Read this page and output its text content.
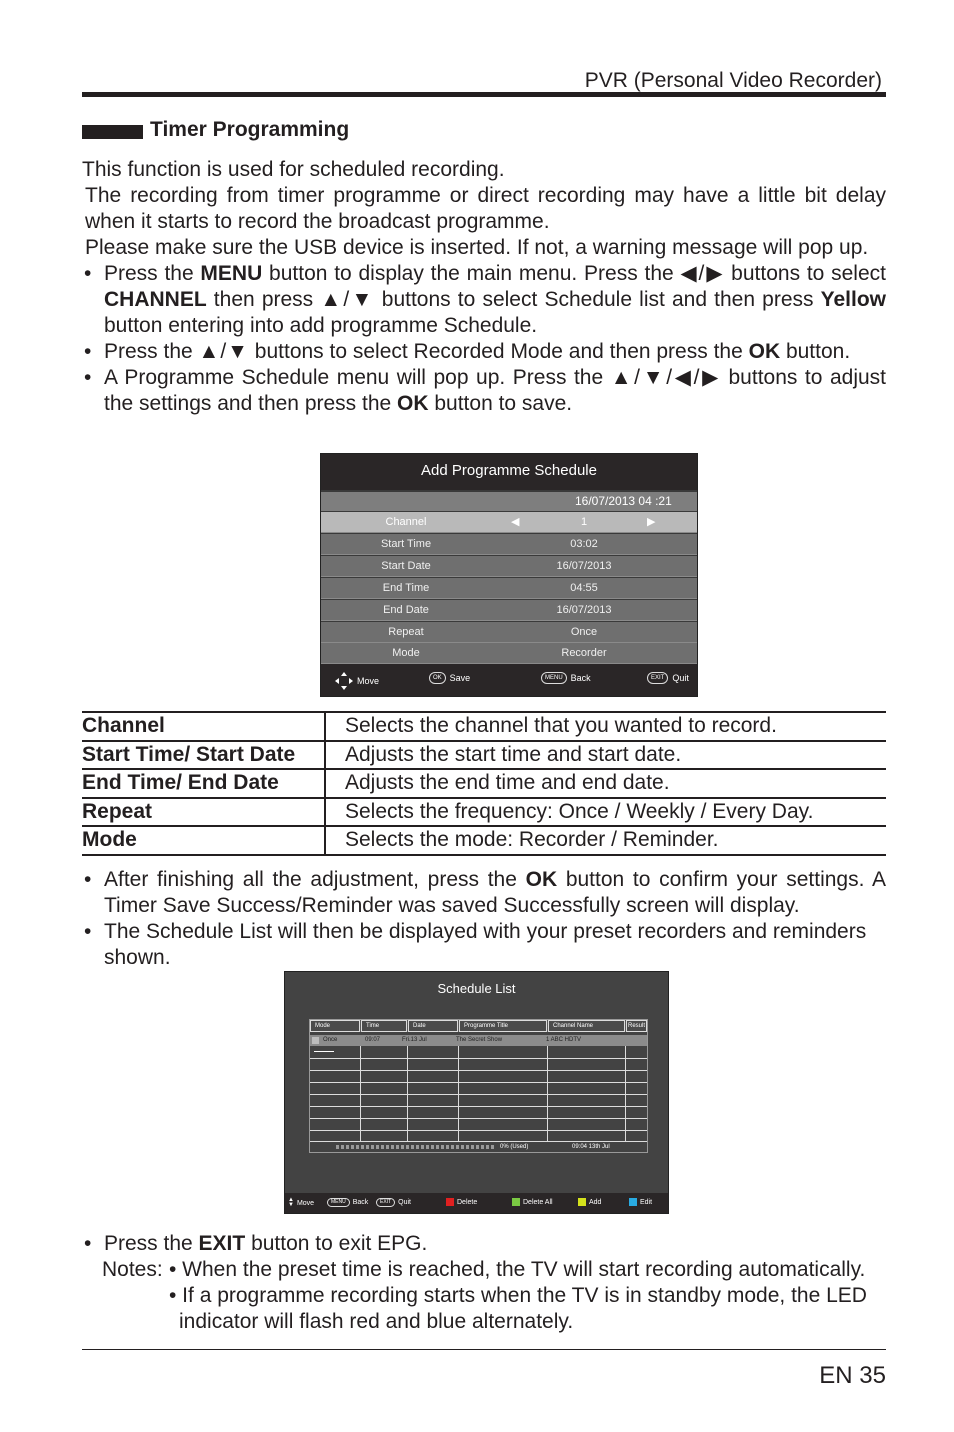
PVR (Personal Video Recorder)
Timer Programming

This function is used for scheduled recording.

The recording from timer programme or direct recording may have a little bit delay when it starts to record the broadcast programme.

Please make sure the USB device is inserted. If not, a warning message will pop up.

• Press the MENU button to display the main menu. Press the ◀/▶ buttons to select CHANNEL then press ▲/▼ buttons to select Schedule list and then press Yellow button entering into add programme Schedule.
• Press the ▲/▼ buttons to select Recorded Mode and then press the OK button.
• A Programme Schedule menu will pop up. Press the ▲/▼/◀/▶ buttons to adjust the settings and then press the OK button to save.
Add Programme Schedule
16/07/2013 04 :21
Channel	◀	1	▶
Start Time	03:02
Start Date	16/07/2013
End Time	04:55
End Date	16/07/2013
Repeat	Once
Mode	Recorder
Move	OK Save	MENU Back	EXIT Quit
Channel	Selects the channel that you wanted to record.
Start Time/ Start Date	Adjusts the start time and start date.
End Time/ End Date	Adjusts the end time and end date.
Repeat	Selects the frequency: Once / Weekly / Every Day.
Mode	Selects the mode: Recorder / Reminder.
• After finishing all the adjustment, press the OK button to confirm your settings. A Timer Save Success/Reminder was saved Successfully screen will display.
• The Schedule List will then be displayed with your preset recorders and reminders shown.
Schedule List
Mode	Time	Date	Programme Title	Channel Name	Result
Once	09:07	Fri.13 Jul	The Secret Show	1 ABC HDTV
0% (Used)	09:04 13th Jul
▲
▼ Move	MENU	Back	EXIT	Quit	Delete	Delete All	Add	Edit
• Press the EXIT button to exit EPG.
Notes: • When the preset time is reached, the TV will start recording automatically.
• If a programme recording starts when the TV is in standby mode, the LED
indicator will flash red and blue alternately.
EN 35
